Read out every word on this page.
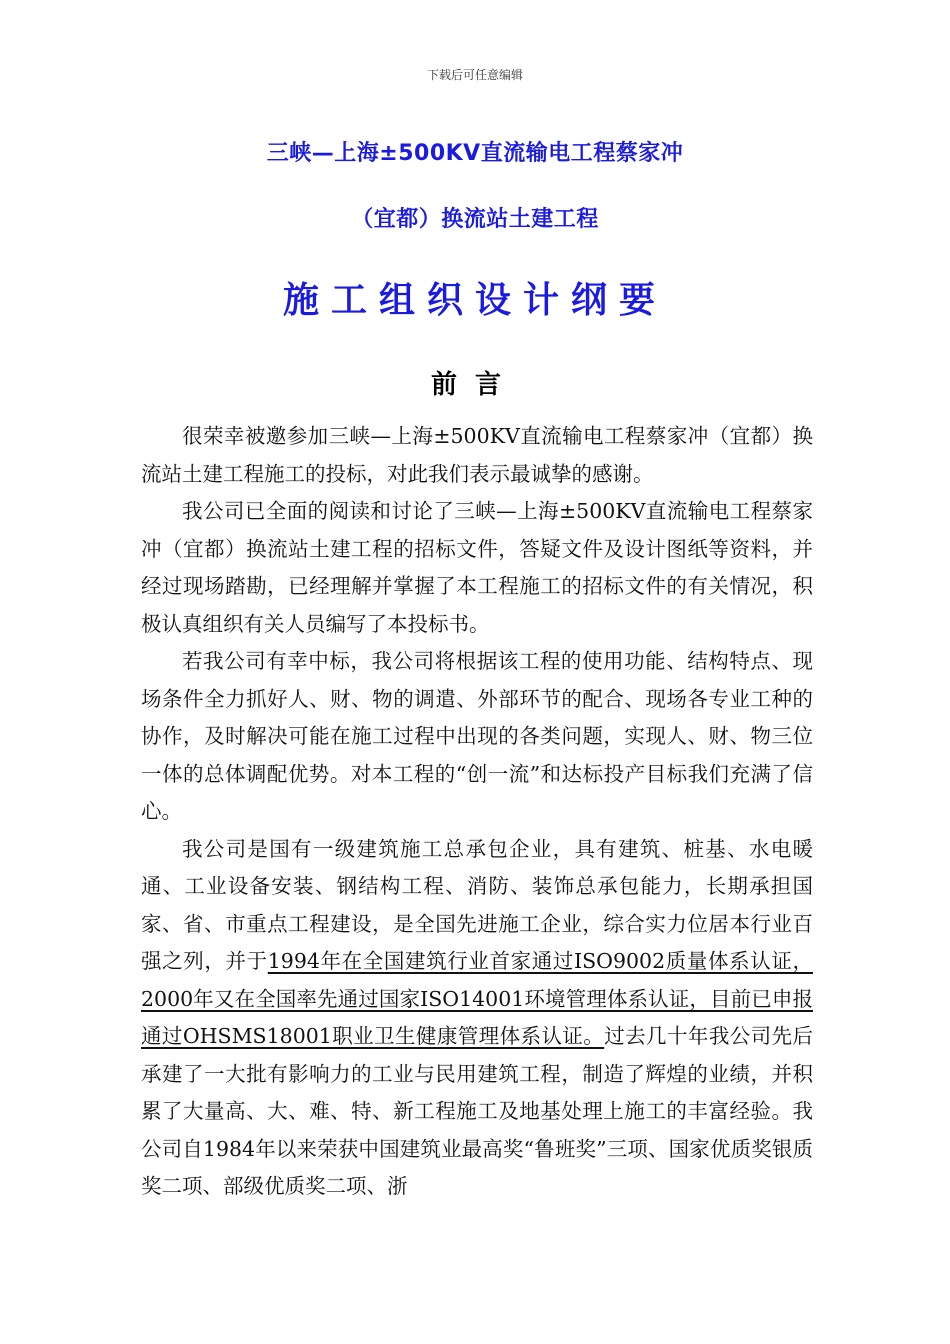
下载后可任意编辑
三峡—上海±500KV直流输电工程蔡家冲
（宜都）换流站土建工程
施工组织设计纲要
前言

很荣幸被邀参加三峡—上海±500KV直流输电工程蔡家冲（宜都）换流站土建工程施工的投标，对此我们表示最诚挚的感谢。

我公司已全面的阅读和讨论了三峡—上海±500KV直流输电工程蔡家冲（宜都）换流站土建工程的招标文件，答疑文件及设计图纸等资料，并经过现场踏勘，已经理解并掌握了本工程施工的招标文件的有关情况，积极认真组织有关人员编写了本投标书。

若我公司有幸中标，我公司将根据该工程的使用功能、结构特点、现场条件全力抓好人、财、物的调遣、外部环节的配合、现场各专业工种的协作，及时解决可能在施工过程中出现的各类问题，实现人、财、物三位一体的总体调配优势。对本工程的“创一流”和达标投产目标我们充满了信心。

我公司是国有一级建筑施工总承包企业，具有建筑、桩基、水电暖通、工业设备安装、钢结构工程、消防、装饰总承包能力，长期承担国家、省、市重点工程建设，是全国先进施工企业，综合实力位居本行业百强之列，并于1994年在全国建筑行业首家通过ISO9002质量体系认证，2000年又在全国率先通过国家ISO14001环境管理体系认证，目前已申报通过OHSMS18001职业卫生健康管理体系认证。过去几十年我公司先后承建了一大批有影响力的工业与民用建筑工程，制造了辉煌的业绩，并积累了大量高、大、难、特、新工程施工及地基处理上施工的丰富经验。我公司自1984年以来荣获中国建筑业最高奖“鲁班奖”三项、国家优质奖银质奖二项、部级优质奖二项、浙
